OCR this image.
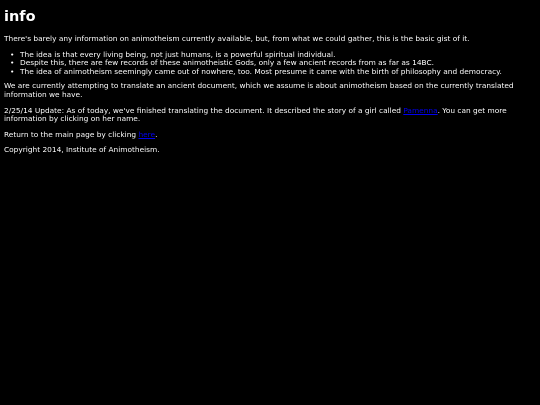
info

There's barely any information on animotheism currently available, but, from what we could gather, this is the basic gist of it.

• The idea is that every living being, not just humans, is a powerful spiritual individual.
• Despite this, there are few records of these animotheistic Gods, only a few ancient records from as far as 14BC.
• The idea of animotheism seemingly came out of nowhere, too. Most presume it came with the birth of philosophy and democracy.

We are currently attempting to translate an ancient document, which we assume is about animotheism based on the currently translated information we have.

2/25/14 Update: As of today, we've finished translating the document. It described the story of a girl called Pamenna. You can get more information by clicking on her name.

Return to the main page by clicking here.

Copyright 2014, Institute of Animotheism.
